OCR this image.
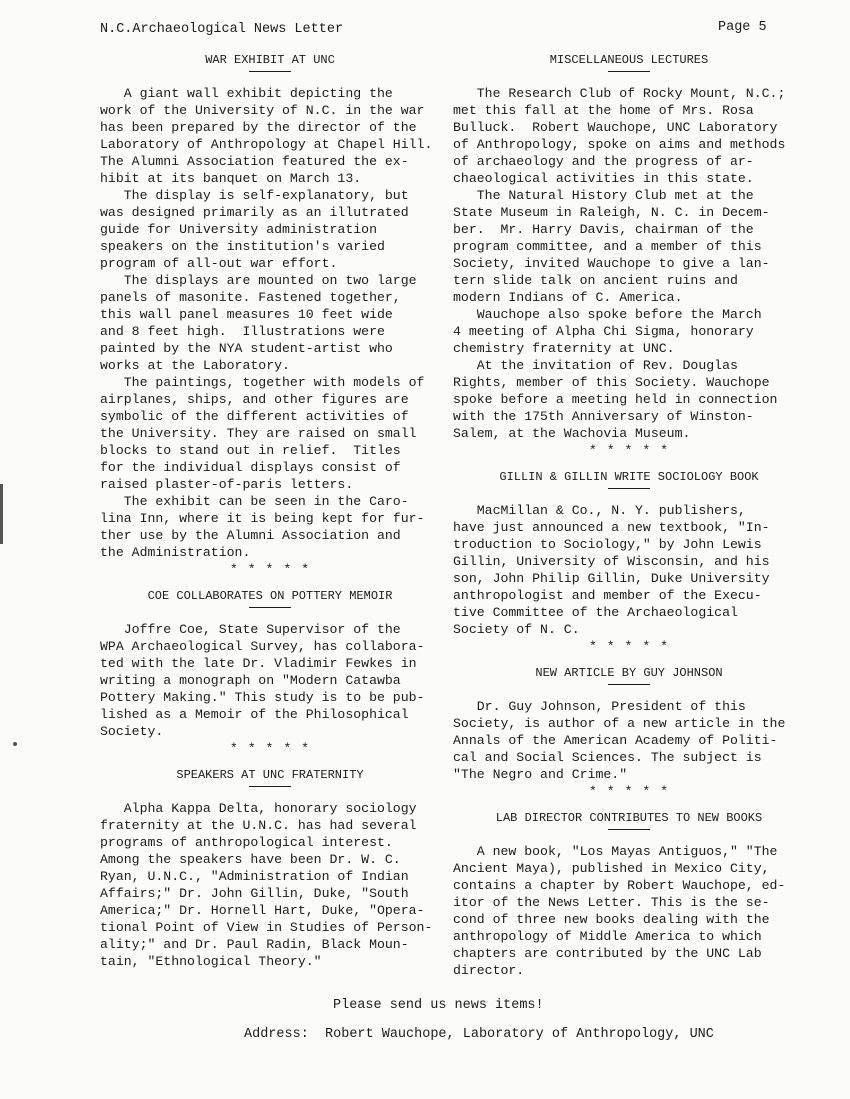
N.C.Archaeological News Letter	Page 5
WAR EXHIBIT AT UNC
A giant wall exhibit depicting the
work of the University of N.C. in the war
has been prepared by the director of the
Laboratory of Anthropology at Chapel Hill.
The Alumni Association featured the ex-
hibit at its banquet on March 13.
The display is self-explanatory, but
was designed primarily as an illutrated
guide for University administration
speakers on the institution's varied
program of all-out war effort.
The displays are mounted on two large
panels of masonite. Fastened together,
this wall panel measures 10 feet wide
and 8 feet high.  Illustrations were
painted by the NYA student-artist who
works at the Laboratory.
The paintings, together with models of
airplanes, ships, and other figures are
symbolic of the different activities of
the University. They are raised on small
blocks to stand out in relief.  Titles
for the individual displays consist of
raised plaster-of-paris letters.
The exhibit can be seen in the Caro-
lina Inn, where it is being kept for fur-
ther use by the Alumni Association and
the Administration.
* * * * *
COE COLLABORATES ON POTTERY MEMOIR
Joffre Coe, State Supervisor of the
WPA Archaeological Survey, has collabora-
ted with the late Dr. Vladimir Fewkes in
writing a monograph on "Modern Catawba
Pottery Making." This study is to be pub-
lished as a Memoir of the Philosophical
Society.
* * * * *
SPEAKERS AT UNC FRATERNITY
Alpha Kappa Delta, honorary sociology
fraternity at the U.N.C. has had several
programs of anthropological interest.
Among the speakers have been Dr. W. C.
Ryan, U.N.C., "Administration of Indian
Affairs;" Dr. John Gillin, Duke, "South
America;" Dr. Hornell Hart, Duke, "Opera-
tional Point of View in Studies of Person-
ality;" and Dr. Paul Radin, Black Moun-
tain, "Ethnological Theory."
MISCELLANEOUS LECTURES
The Research Club of Rocky Mount, N.C.;
met this fall at the home of Mrs. Rosa
Bulluck.  Robert Wauchope, UNC Laboratory
of Anthropology, spoke on aims and methods
of archaeology and the progress of ar-
chaeological activities in this state.
The Natural History Club met at the
State Museum in Raleigh, N. C. in Decem-
ber.  Mr. Harry Davis, chairman of the
program committee, and a member of this
Society, invited Wauchope to give a lan-
tern slide talk on ancient ruins and
modern Indians of C. America.
Wauchope also spoke before the March
4 meeting of Alpha Chi Sigma, honorary
chemistry fraternity at UNC.
At the invitation of Rev. Douglas
Rights, member of this Society. Wauchope
spoke before a meeting held in connection
with the 175th Anniversary of Winston-
Salem, at the Wachovia Museum.
* * * * *
GILLIN & GILLIN WRITE SOCIOLOGY BOOK
MacMillan & Co., N. Y. publishers,
have just announced a new textbook, "In-
troduction to Sociology," by John Lewis
Gillin, University of Wisconsin, and his
son, John Philip Gillin, Duke University
anthropologist and member of the Execu-
tive Committee of the Archaeological
Society of N. C.
* * * * *
NEW ARTICLE BY GUY JOHNSON
Dr. Guy Johnson, President of this
Society, is author of a new article in the
Annals of the American Academy of Politi-
cal and Social Sciences. The subject is
"The Negro and Crime."
* * * * *
LAB DIRECTOR CONTRIBUTES TO NEW BOOKS
A new book, "Los Mayas Antiguos," "The
Ancient Maya), published in Mexico City,
contains a chapter by Robert Wauchope, ed-
itor of the News Letter. This is the se-
cond of three new books dealing with the
anthropology of Middle America to which
chapters are contributed by the UNC Lab
director.
Please send us news items!
Address:  Robert Wauchope, Laboratory of Anthropology, UNC
